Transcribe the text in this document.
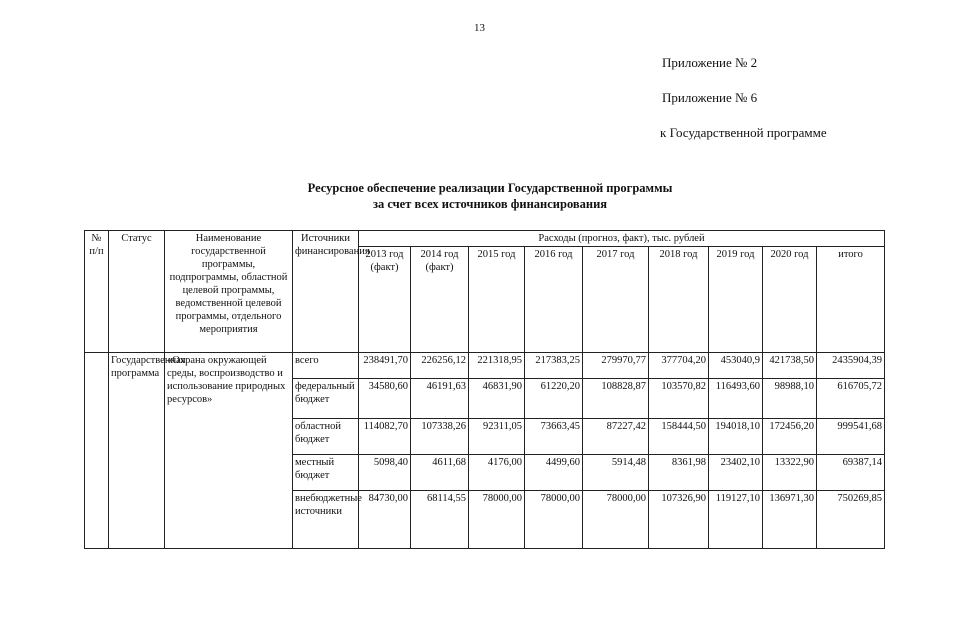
13
Приложение № 2
Приложение № 6
к Государственной программе
Ресурсное обеспечение реализации Государственной программы
за счет всех источников финансирования
№ п/п	Статус	Наименование государственной программы, подпрограммы, областной целевой программы, ведомственной целевой программы, отдельного мероприятия	Источники финансирования	Расходы (прогноз, факт), тыс. рублей								
				2013 год (факт)	2014 год (факт)	2015 год	2016 год	2017 год	2018 год	2019 год	2020 год	итого
	Государственная программа	«Охрана окружающей среды, воспроизводство и использование природных ресурсов»	всего	238491,70	226256,12	221318,95	217383,25	279970,77	377704,20	453040,9	421738,50	2435904,39
			федеральный бюджет	34580,60	46191,63	46831,90	61220,20	108828,87	103570,82	116493,60	98988,10	616705,72
			областной бюджет	114082,70	107338,26	92311,05	73663,45	87227,42	158444,50	194018,10	172456,20	999541,68
			местный бюджет	5098,40	4611,68	4176,00	4499,60	5914,48	8361,98	23402,10	13322,90	69387,14
			внебюджетные источники	84730,00	68114,55	78000,00	78000,00	78000,00	107326,90	119127,10	136971,30	750269,85
